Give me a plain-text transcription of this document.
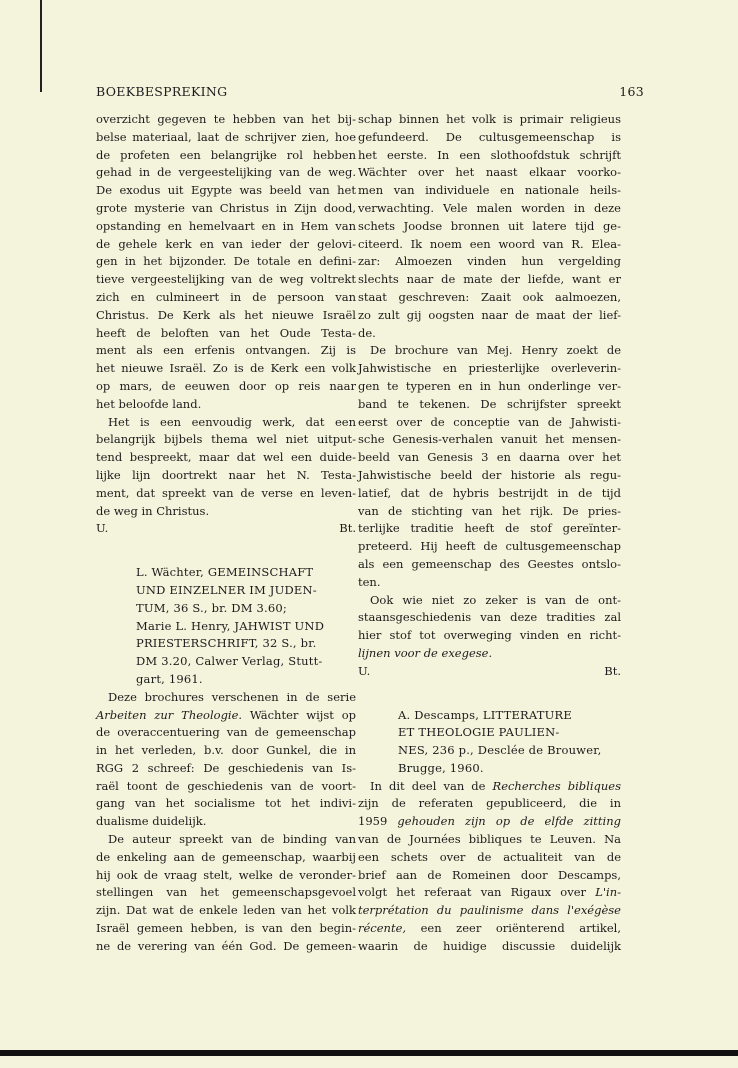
BOEKBESPREKING	163

overzicht gegeven te hebben van het bij-
belse materiaal, laat de schrijver zien, hoe
de profeten een belangrijke rol hebben
gehad in de vergeestelijking van de weg.
De exodus uit Egypte was beeld van het
grote mysterie van Christus in Zijn dood,
opstanding en hemelvaart en in Hem van
de gehele kerk en van ieder der gelovi-
gen in het bijzonder. De totale en defini-
tieve vergeestelijking van de weg voltrekt
zich en culmineert in de persoon van
Christus. De Kerk als het nieuwe Israël
heeft de beloften van het Oude Testa-
ment als een erfenis ontvangen. Zij is
het nieuwe Israël. Zo is de Kerk een volk
op mars, de eeuwen door op reis naar
het beloofde land.

Het is een eenvoudig werk, dat een
belangrijk bijbels thema wel niet uitput-
tend bespreekt, maar dat wel een duide-
lijke lijn doortrekt naar het N. Testa-
ment, dat spreekt van de verse en leven-
de weg in Christus.

U.	Bt.
L. Wächter, GEMEINSCHAFT
UND EINZELNER IM JUDEN-
TUM, 36 S., br. DM 3.60;
Marie L. Henry, JAHWIST UND
PRIESTERSCHRIFT, 32 S., br.
DM 3.20, Calwer Verlag, Stutt-
gart, 1961.

Deze brochures verschenen in de serie
Arbeiten zur Theologie. Wächter wijst op
de overaccentuering van de gemeenschap
in het verleden, b.v. door Gunkel, die in
RGG 2 schreef: De geschiedenis van Is-
raël toont de geschiedenis van de voort-
gang van het socialisme tot het indivi-
dualisme duidelijk.

De auteur spreekt van de binding van
de enkeling aan de gemeenschap, waarbij
hij ook de vraag stelt, welke de veronder-
stellingen van het gemeenschapsgevoel
zijn. Dat wat de enkele leden van het volk
Israël gemeen hebben, is van den begin-
ne de verering van één God. De gemeen-

schap binnen het volk is primair religieus
gefundeerd. De cultusgemeenschap is
het eerste. In een slothoofdstuk schrijft
Wächter over het naast elkaar voorko-
men van individuele en nationale heils-
verwachting. Vele malen worden in deze
schets Joodse bronnen uit latere tijd ge-
citeerd. Ik noem een woord van R. Elea-
zar: Almoezen vinden hun vergelding
slechts naar de mate der liefde, want er
staat geschreven: Zaait ook aalmoezen,
zo zult gij oogsten naar de maat der lief-
de.

De brochure van Mej. Henry zoekt de
Jahwistische en priesterlijke overleverin-
gen te typeren en in hun onderlinge ver-
band te tekenen. De schrijfster spreekt
eerst over de conceptie van de Jahwisti-
sche Genesis-verhalen vanuit het mensen-
beeld van Genesis 3 en daarna over het
Jahwistische beeld der historie als regu-
latief, dat de hybris bestrijdt in de tijd
van de stichting van het rijk. De pries-
terlijke traditie heeft de stof gereïnter-
preteerd. Hij heeft de cultusgemeenschap
als een gemeenschap des Geestes ontslo-
ten.

Ook wie niet zo zeker is van de ont-
staansgeschiedenis van deze tradities zal
hier stof tot overweging vinden en richt-
lijnen voor de exegese.

U.	Bt.
A. Descamps, LITTERATURE
ET THEOLOGIE PAULIEN-
NES, 236 p., Desclée de Brouwer,
Brugge, 1960.

In dit deel van de Recherches bibliques
zijn de referaten gepubliceerd, die in
1959 gehouden zijn op de elfde zitting
van de Journées bibliques te Leuven. Na
een schets over de actualiteit van de
brief aan de Romeinen door Descamps,
volgt het referaat van Rigaux over L'in-
terprétation du paulinisme dans l'exégèse
récente, een zeer oriënterend artikel,
waarin de huidige discussie duidelijk
